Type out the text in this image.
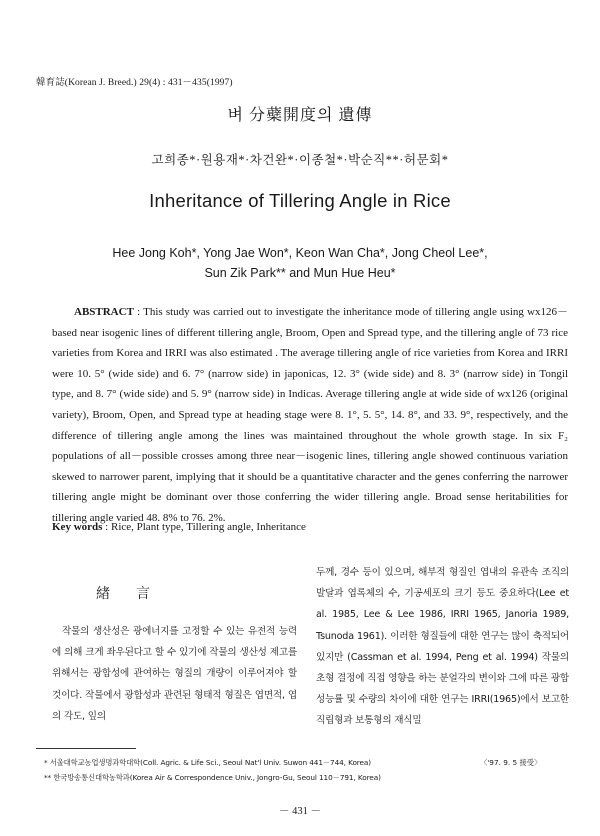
韓育誌(Korean J. Breed.) 29(4) : 431－435(1997)
벼 分蘗開度의 遺傳
고희종*·원용재*·차건완*·이종철*·박순직**·허문회*
Inheritance of Tillering Angle in Rice
Hee Jong Koh*, Yong Jae Won*, Keon Wan Cha*, Jong Cheol Lee*,
Sun Zik Park** and Mun Hue Heu*
ABSTRACT : This study was carried out to investigate the inheritance mode of tillering angle using wx126－based near isogenic lines of different tillering angle, Broom, Open and Spread type, and the tillering angle of 73 rice varieties from Korea and IRRI was also estimated . The average tillering angle of rice varieties from Korea and IRRI were 10. 5° (wide side) and 6. 7° (narrow side) in japonicas, 12. 3° (wide side) and 8. 3° (narrow side) in Tongil type, and 8. 7° (wide side) and 5. 9° (narrow side) in Indicas. Average tillering angle at wide side of wx126 (original variety), Broom, Open, and Spread type at heading stage were 8. 1°, 5. 5°, 14. 8°, and 33. 9°, respectively, and the difference of tillering angle among the lines was maintained throughout the whole growth stage. In six F₂ populations of all－possible crosses among three near－isogenic lines, tillering angle showed continuous variation skewed to narrower parent, implying that it should be a quantitative character and the genes conferring the narrower tillering angle might be dominant over those conferring the wider tillering angle. Broad sense heritabilities for tillering angle varied 48. 8% to 76. 2%.
Key words : Rice, Plant type, Tillering angle, Inheritance
緖言
작물의 생산성은 광에너지를 고정할 수 있는 유전적 능력에 의해 크게 좌우된다고 할 수 있기에 작물의 생산성 제고를 위해서는 광합성에 관여하는 형질의 개량이 이루어져야 할 것이다. 작물에서 광합성과 관련된 형태적 형질은 엽면적, 엽의 각도, 잎의
두께, 경수 등이 있으며, 해부적 형질인 엽내의 유관속 조직의 발달과 엽록체의 수, 기공세포의 크기 등도 중요하다(Lee et al. 1985, Lee & Lee 1986, IRRI 1965, Janoria 1989, Tsunoda 1961). 이러한 형질들에 대한 연구는 많이 축적되어 있지만 (Cassman et al. 1994, Peng et al. 1994) 작물의 초형 결정에 직접 영향을 하는 분얼각의 변이와 그에 따른 광합성능률 및 수량의 차이에 대한 연구는 IRRI(1965)에서 보고한 직립형과 보통형의 재식밀
* 서울대학교농업생명과학대학(Coll. Agric. & Life Sci., Seoul Nat'l Univ. Suwon 441－744, Korea)
** 한국방송통신대학농학과(Korea Air & Correspondence Univ., Jongro-Gu, Seoul 110－791, Korea)
〈'97. 9. 5 接受〉
－ 431 －
